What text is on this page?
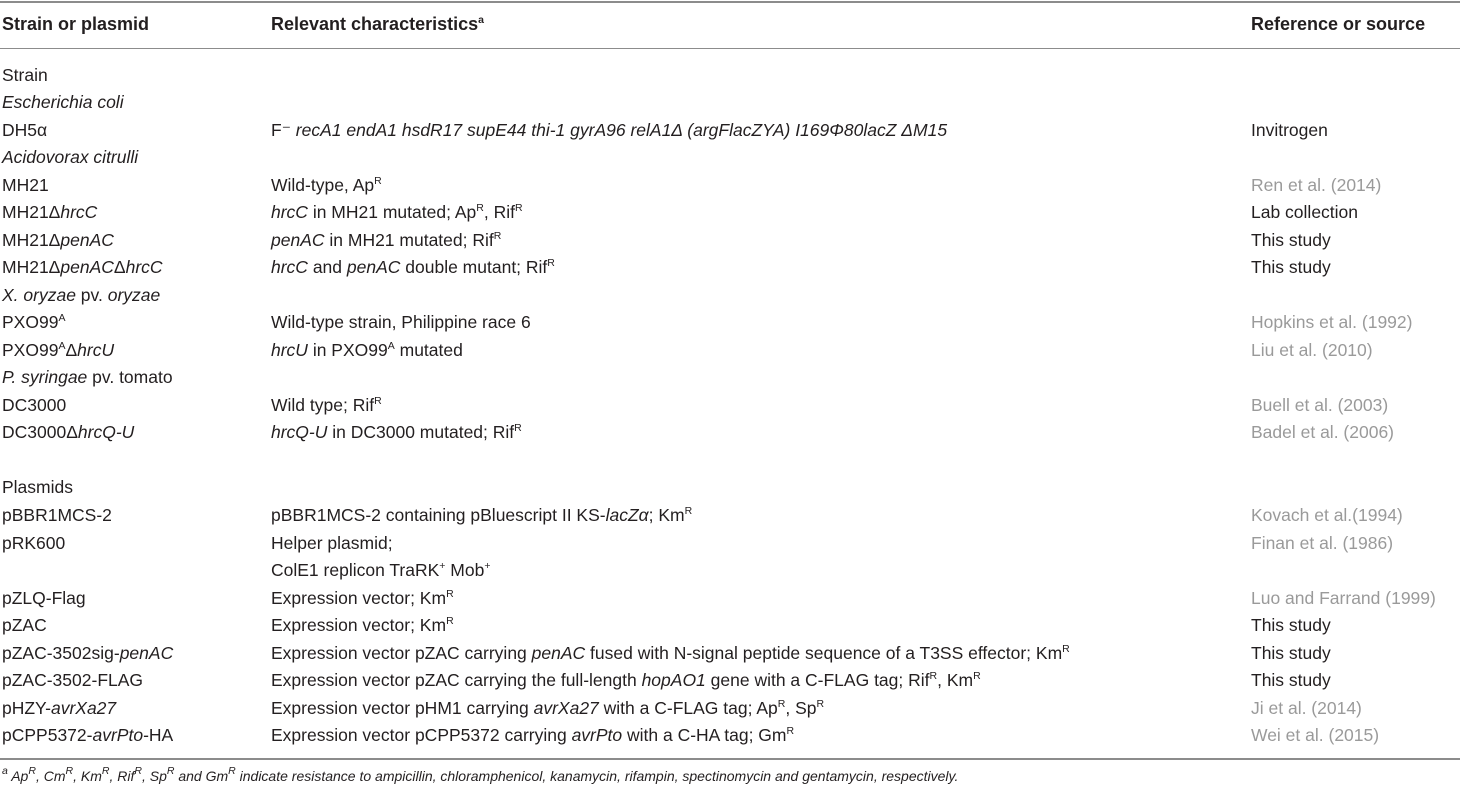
Strain or plasmid	Relevant characteristics$^a$	Reference or source
Strain
Escherichia coli
DH5α	F⁻ recA1 endA1 hsdR17 supE44 thi-1 gyrA96 relA1Δ (argFlacZYA) I169Φ80lacZ ΔM15	Invitrogen
Acidovorax citrulli
MH21	Wild-type, $Ap^R$	Ren et al. (2014)
MH21ΔhrcC	hrcC in MH21 mutated; $Ap^R$, Rif$^R$	Lab collection
MH21ΔpenAC	penAC in MH21 mutated; Rif$^R$	This study
MH21ΔpenACΔhrcC	hrcC and penAC double mutant; Rif$^R$	This study
X. oryzae pv. oryzae
$PXO99^A$	Wild-type strain, Philippine race 6	Hopkins et al. (1992)
$PXO99^A\Delta hrcU$	hrcU in $PXO99^A$ mutated	Liu et al. (2010)
P. syringae pv. tomato
DC3000	Wild type; Rif$^R$	Buell et al. (2003)
DC3000ΔhrcQ-U	hrcQ-U in DC3000 mutated; Rif$^R$	Badel et al. (2006)
Plasmids
pBBR1MCS-2	pBBR1MCS-2 containing pBluescript II KS-lacZα; $Km^R$	Kovach et al.(1994)
pRK600	Helper plasmid;	Finan et al. (1986)
ColE1 replicon TraRK+ Mob+
pZLQ-Flag	Expression vector; $Km^R$	Luo and Farrand (1999)
pZAC	Expression vector; $Km^R$	This study
pZAC-3502sig-penAC	Expression vector pZAC carrying penAC fused with N-signal peptide sequence of a T3SS effector; $Km^R$	This study
pZAC-3502-FLAG	Expression vector pZAC carrying the full-length hopAO1 gene with a C-FLAG tag; Rif$^R$, $Km^R$	This study
pHZY-avrXa27	Expression vector pHM1 carrying avrXa27 with a C-FLAG tag; $Ap^R$, $Sp^R$	Ji et al. (2014)
pCPP5372-avrPto-HA	Expression vector pCPP5372 carrying avrPto with a C-HA tag; $Gm^R$	Wei et al. (2015)
$^a$ $Ap^R$, $Cm^R$, $Km^R$, Rif$^R$, $Sp^R$ and $Gm^R$ indicate resistance to ampicillin, chloramphenicol, kanamycin, rifampin, spectinomycin and gentamycin, respectively.
